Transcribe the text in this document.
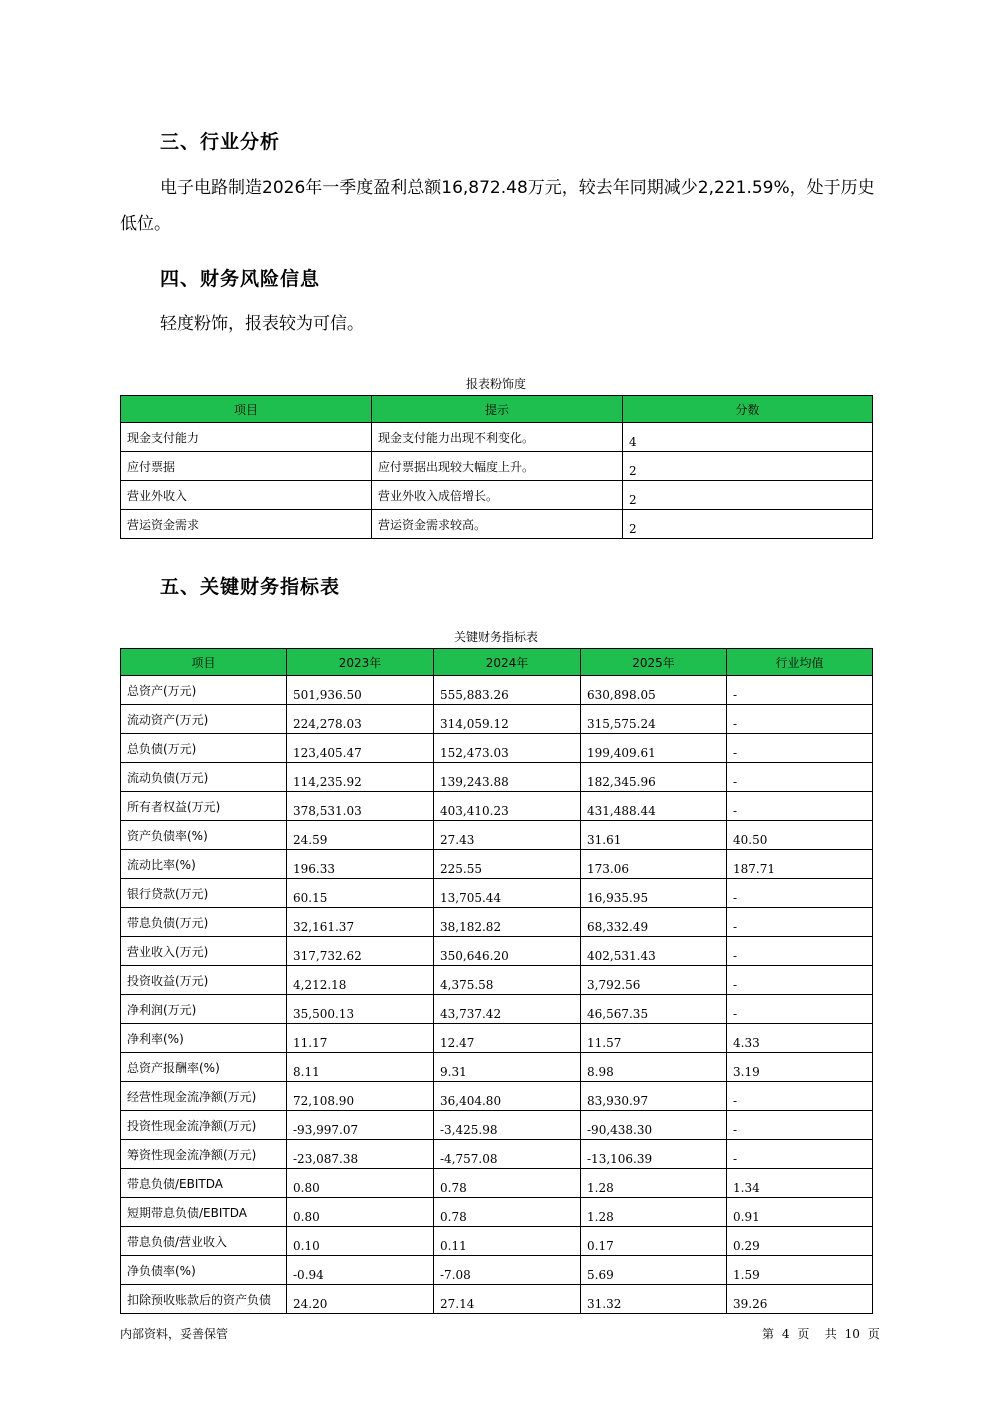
三、行业分析
电子电路制造2026年一季度盈利总额16,872.48万元，较去年同期减少2,221.59%，处于历史
低位。
四、财务风险信息
轻度粉饰，报表较为可信。
报表粉饰度
项目	提示	分数
现金支付能力	现金支付能力出现不利变化。	4
应付票据	应付票据出现较大幅度上升。	2
营业外收入	营业外收入成倍增长。	2
营运资金需求	营运资金需求较高。	2
五、关键财务指标表
关键财务指标表
项目	2023年	2024年	2025年	行业均值
总资产(万元)	501,936.50	555,883.26	630,898.05	-
流动资产(万元)	224,278.03	314,059.12	315,575.24	-
总负债(万元)	123,405.47	152,473.03	199,409.61	-
流动负债(万元)	114,235.92	139,243.88	182,345.96	-
所有者权益(万元)	378,531.03	403,410.23	431,488.44	-
资产负债率(%)	24.59	27.43	31.61	40.50
流动比率(%)	196.33	225.55	173.06	187.71
银行贷款(万元)	60.15	13,705.44	16,935.95	-
带息负债(万元)	32,161.37	38,182.82	68,332.49	-
营业收入(万元)	317,732.62	350,646.20	402,531.43	-
投资收益(万元)	4,212.18	4,375.58	3,792.56	-
净利润(万元)	35,500.13	43,737.42	46,567.35	-
净利率(%)	11.17	12.47	11.57	4.33
总资产报酬率(%)	8.11	9.31	8.98	3.19
经营性现金流净额(万元)	72,108.90	36,404.80	83,930.97	-
投资性现金流净额(万元)	-93,997.07	-3,425.98	-90,438.30	-
筹资性现金流净额(万元)	-23,087.38	-4,757.08	-13,106.39	-
带息负债/EBITDA	0.80	0.78	1.28	1.34
短期带息负债/EBITDA	0.80	0.78	1.28	0.91
带息负债/营业收入	0.10	0.11	0.17	0.29
净负债率(%)	-0.94	-7.08	5.69	1.59
扣除预收账款后的资产负债	24.20	27.14	31.32	39.26
内部资料，妥善保管	第 4 页 共 10 页
